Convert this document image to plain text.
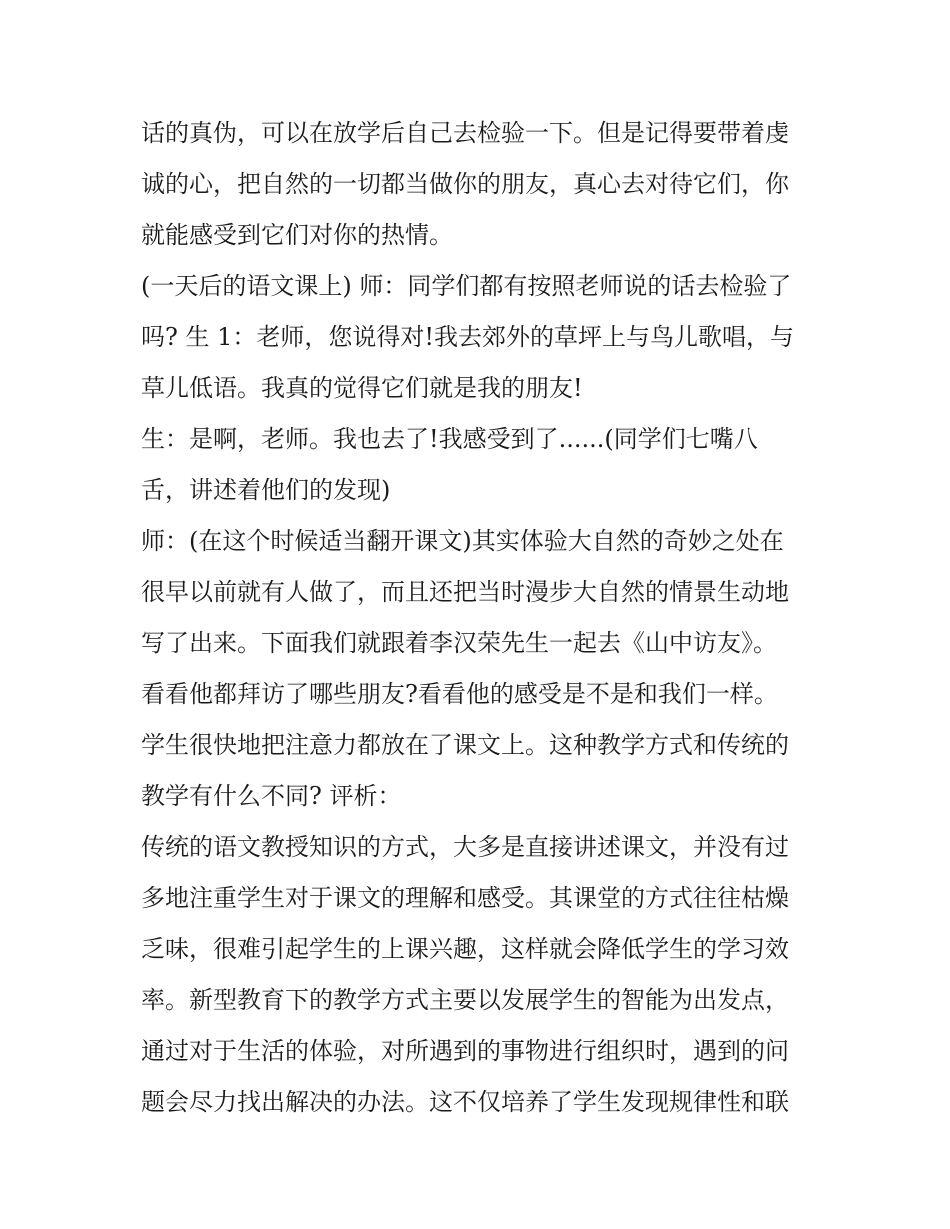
话的真伪，可以在放学后自己去检验一下。但是记得要带着虔
诚的心，把自然的一切都当做你的朋友，真心去对待它们，你
就能感受到它们对你的热情。
(一天后的语文课上) 师：同学们都有按照老师说的话去检验了
吗? 生 1：老师，您说得对!我去郊外的草坪上与鸟儿歌唱，与
草儿低语。我真的觉得它们就是我的朋友!
生：是啊，老师。我也去了!我感受到了......(同学们七嘴八
舌，讲述着他们的发现)
师：(在这个时候适当翻开课文)其实体验大自然的奇妙之处在
很早以前就有人做了，而且还把当时漫步大自然的情景生动地
写了出来。下面我们就跟着李汉荣先生一起去《山中访友》。
看看他都拜访了哪些朋友?看看他的感受是不是和我们一样。
学生很快地把注意力都放在了课文上。这种教学方式和传统的
教学有什么不同? 评析：
传统的语文教授知识的方式，大多是直接讲述课文，并没有过
多地注重学生对于课文的理解和感受。其课堂的方式往往枯燥
乏味，很难引起学生的上课兴趣，这样就会降低学生的学习效
率。新型教育下的教学方式主要以发展学生的智能为出发点，
通过对于生活的体验，对所遇到的事物进行组织时，遇到的问
题会尽力找出解决的办法。这不仅培养了学生发现规律性和联
